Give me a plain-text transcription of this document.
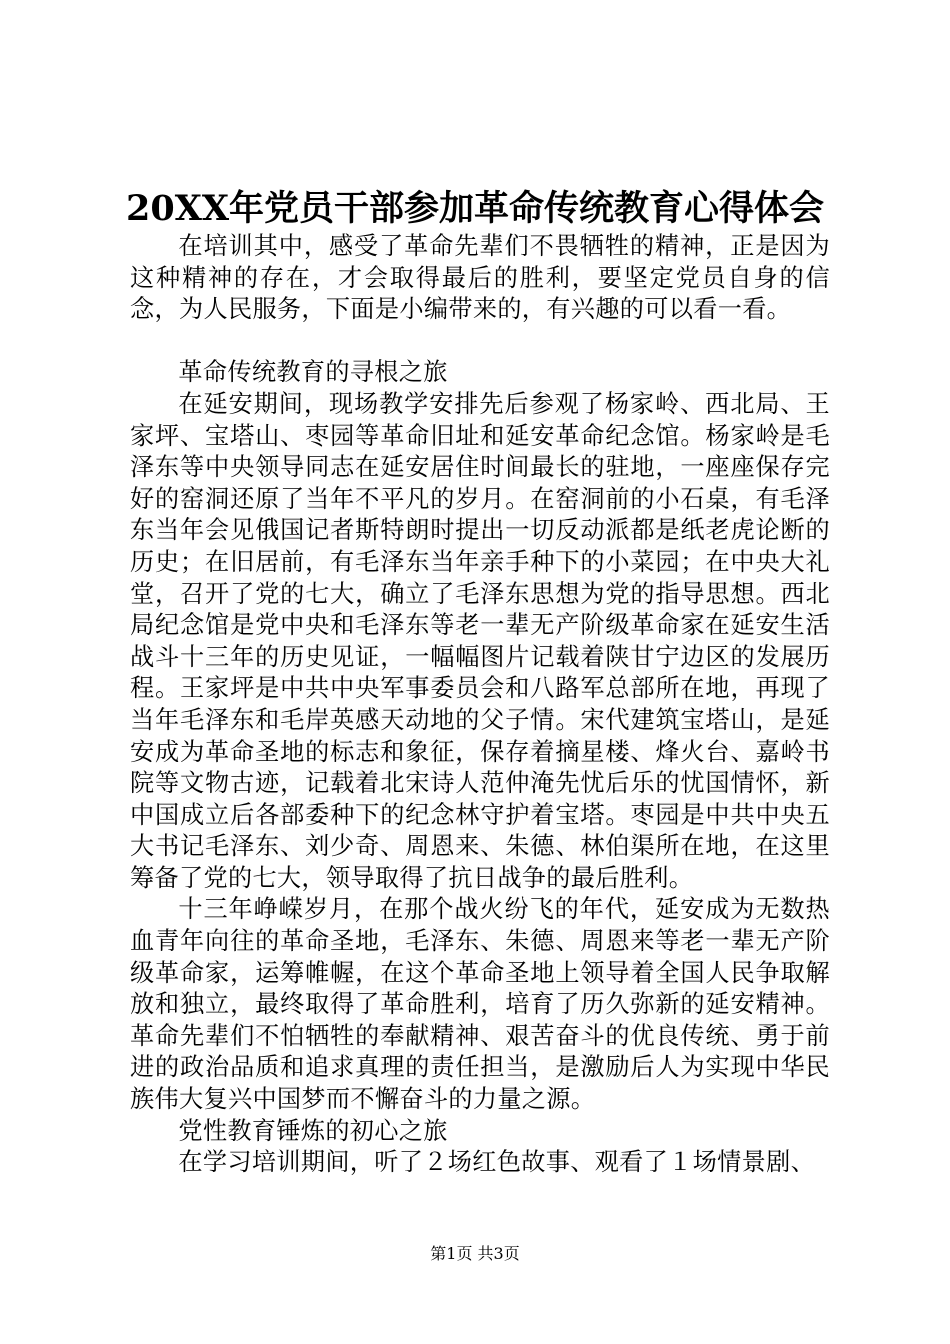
20XX年党员干部参加革命传统教育心得体会

在培训其中，感受了革命先辈们不畏牺牲的精神，正是因为这种精神的存在，才会取得最后的胜利，要坚定党员自身的信念，为人民服务，下面是小编带来的，有兴趣的可以看一看。

革命传统教育的寻根之旅

在延安期间，现场教学安排先后参观了杨家岭、西北局、王家坪、宝塔山、枣园等革命旧址和延安革命纪念馆。杨家岭是毛泽东等中央领导同志在延安居住时间最长的驻地，一座座保存完好的窑洞还原了当年不平凡的岁月。在窑洞前的小石桌，有毛泽东当年会见俄国记者斯特朗时提出一切反动派都是纸老虎论断的历史；在旧居前，有毛泽东当年亲手种下的小菜园；在中央大礼堂，召开了党的七大，确立了毛泽东思想为党的指导思想。西北局纪念馆是党中央和毛泽东等老一辈无产阶级革命家在延安生活战斗十三年的历史见证，一幅幅图片记载着陕甘宁边区的发展历程。王家坪是中共中央军事委员会和八路军总部所在地，再现了当年毛泽东和毛岸英感天动地的父子情。宋代建筑宝塔山，是延安成为革命圣地的标志和象征，保存着摘星楼、烽火台、嘉岭书院等文物古迹，记载着北宋诗人范仲淹先忧后乐的忧国情怀，新中国成立后各部委种下的纪念林守护着宝塔。枣园是中共中央五大书记毛泽东、刘少奇、周恩来、朱德、林伯渠所在地，在这里筹备了党的七大，领导取得了抗日战争的最后胜利。

十三年峥嵘岁月，在那个战火纷飞的年代，延安成为无数热血青年向往的革命圣地，毛泽东、朱德、周恩来等老一辈无产阶级革命家，运筹帷幄，在这个革命圣地上领导着全国人民争取解放和独立，最终取得了革命胜利，培育了历久弥新的延安精神。革命先辈们不怕牺牲的奉献精神、艰苦奋斗的优良传统、勇于前进的政治品质和追求真理的责任担当，是激励后人为实现中华民族伟大复兴中国梦而不懈奋斗的力量之源。

党性教育锤炼的初心之旅

在学习培训期间，听了２场红色故事、观看了１场情景剧、

第1页 共3页
